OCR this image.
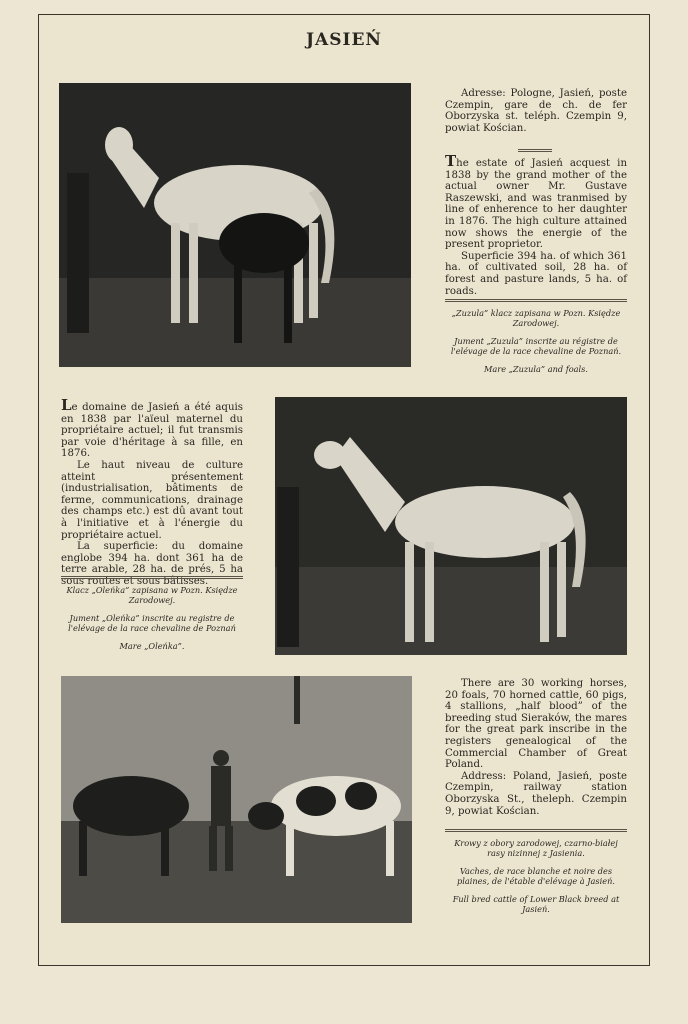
JASIEŃ

Adresse: Pologne, Jasień, poste Czempin, gare de ch. de fer Oborzyska st. teléph. Czempin 9, powiat Kościan.

The estate of Jasień acquest in 1838 by the grand mother of the actual owner Mr. Gustave Raszewski, and was tranmised by line of enherence to her daughter in 1876. The high culture attained now shows the energie of the present proprietor.

Superficie 394 ha. of which 361 ha. of cultivated soil, 28 ha. of forest and pasture lands, 5 ha. of roads.

„Zuzula” klacz zapisana w Pozn. Księdze Zarodowej.

Jument „Zuzula” inscrite au régistre de l'elévage de la race chevaline de Poznań.

Mare „Zuzula” and foals.

Le domaine de Jasień a été aquis en 1838 par l'aïeul maternel du propriétaire actuel; il fut transmis par voie d'héritage à sa fille, en 1876.

Le haut niveau de culture atteint présentement (industrialisation, bâtiments de ferme, communications, drainage des champs etc.) est dû avant tout à l'initiative et à l'énergie du propriétaire actuel.

La superficie: du domaine englobe 394 ha. dont 361 ha de terre arable, 28 ha. de prés, 5 ha sous routes et sous bâtisses.

Klacz „Oleńka” zapisana w Pozn. Księdze Zarodowej.

Jument „Oleńka” inscrite au registre de l'elévage de la race chevaline de Poznań

Mare „Oleńka”.

There are 30 working horses, 20 foals, 70 horned cattle, 60 pigs, 4 stallions, „half blood” of the breeding stud Sieraków, the mares for the great park inscribe in the registers genealogical of the Commercial Chamber of Great Poland.

Address: Poland, Jasień, poste Czempin, railway station Oborzyska St., theleph. Czempin 9, powiat Kościan.

Krowy z obory zarodowej, czarno-białej rasy nizinnej z Jasienia.

Vaches, de race blanche et noire des plaines, de l'étable d'elévage à Jasień.

Full bred cattle of Lower Black breed at Jasień.
